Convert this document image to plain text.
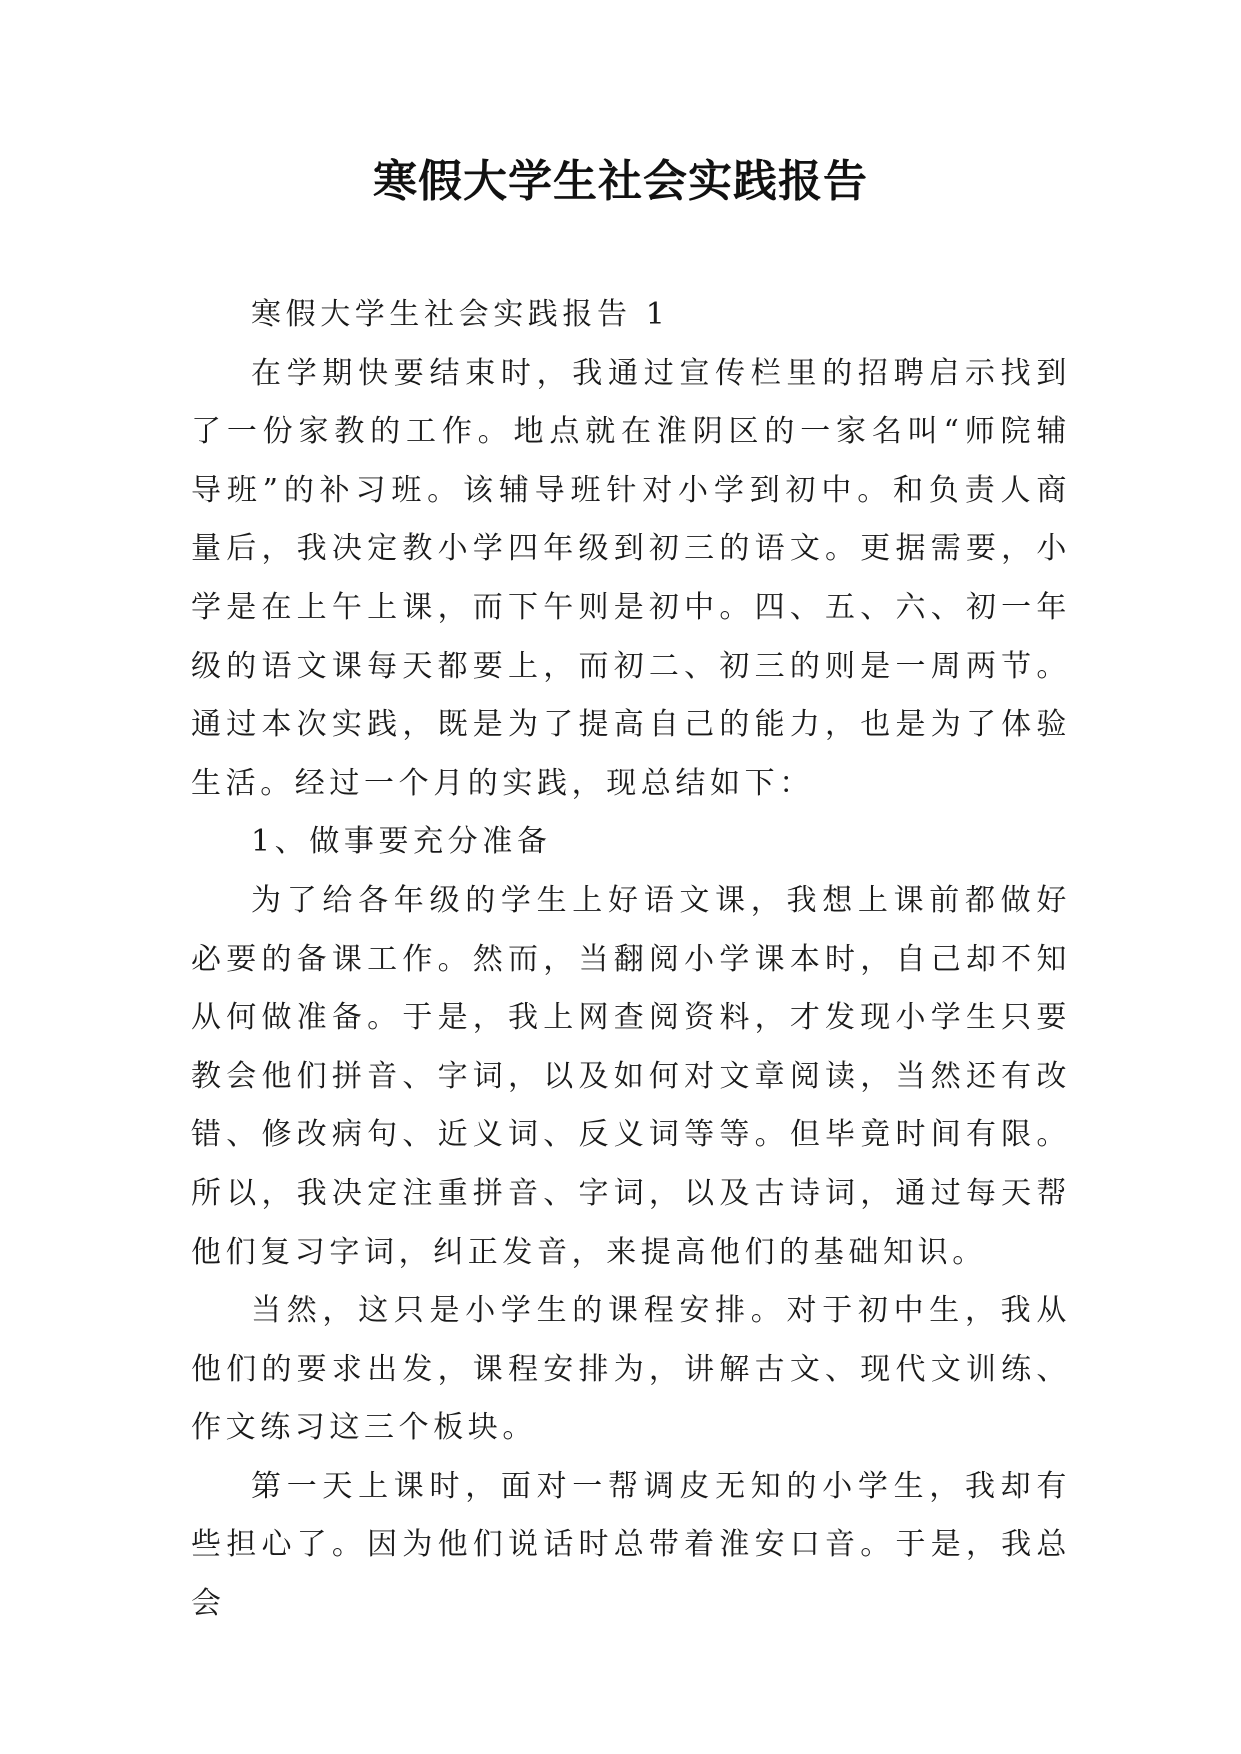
寒假大学生社会实践报告

寒假大学生社会实践报告 1

在学期快要结束时，我通过宣传栏里的招聘启示找到了一份家教的工作。地点就在淮阴区的一家名叫“师院辅导班”的补习班。该辅导班针对小学到初中。和负责人商量后，我决定教小学四年级到初三的语文。更据需要，小学是在上午上课，而下午则是初中。四、五、六、初一年级的语文课每天都要上，而初二、初三的则是一周两节。通过本次实践，既是为了提高自己的能力，也是为了体验生活。经过一个月的实践，现总结如下：

1、做事要充分准备

为了给各年级的学生上好语文课，我想上课前都做好必要的备课工作。然而，当翻阅小学课本时，自己却不知从何做准备。于是，我上网查阅资料，才发现小学生只要教会他们拼音、字词，以及如何对文章阅读，当然还有改错、修改病句、近义词、反义词等等。但毕竟时间有限。所以，我决定注重拼音、字词，以及古诗词，通过每天帮他们复习字词，纠正发音，来提高他们的基础知识。

当然，这只是小学生的课程安排。对于初中生，我从他们的要求出发，课程安排为，讲解古文、现代文训练、作文练习这三个板块。

第一天上课时，面对一帮调皮无知的小学生，我却有些担心了。因为他们说话时总带着淮安口音。于是，我总会
